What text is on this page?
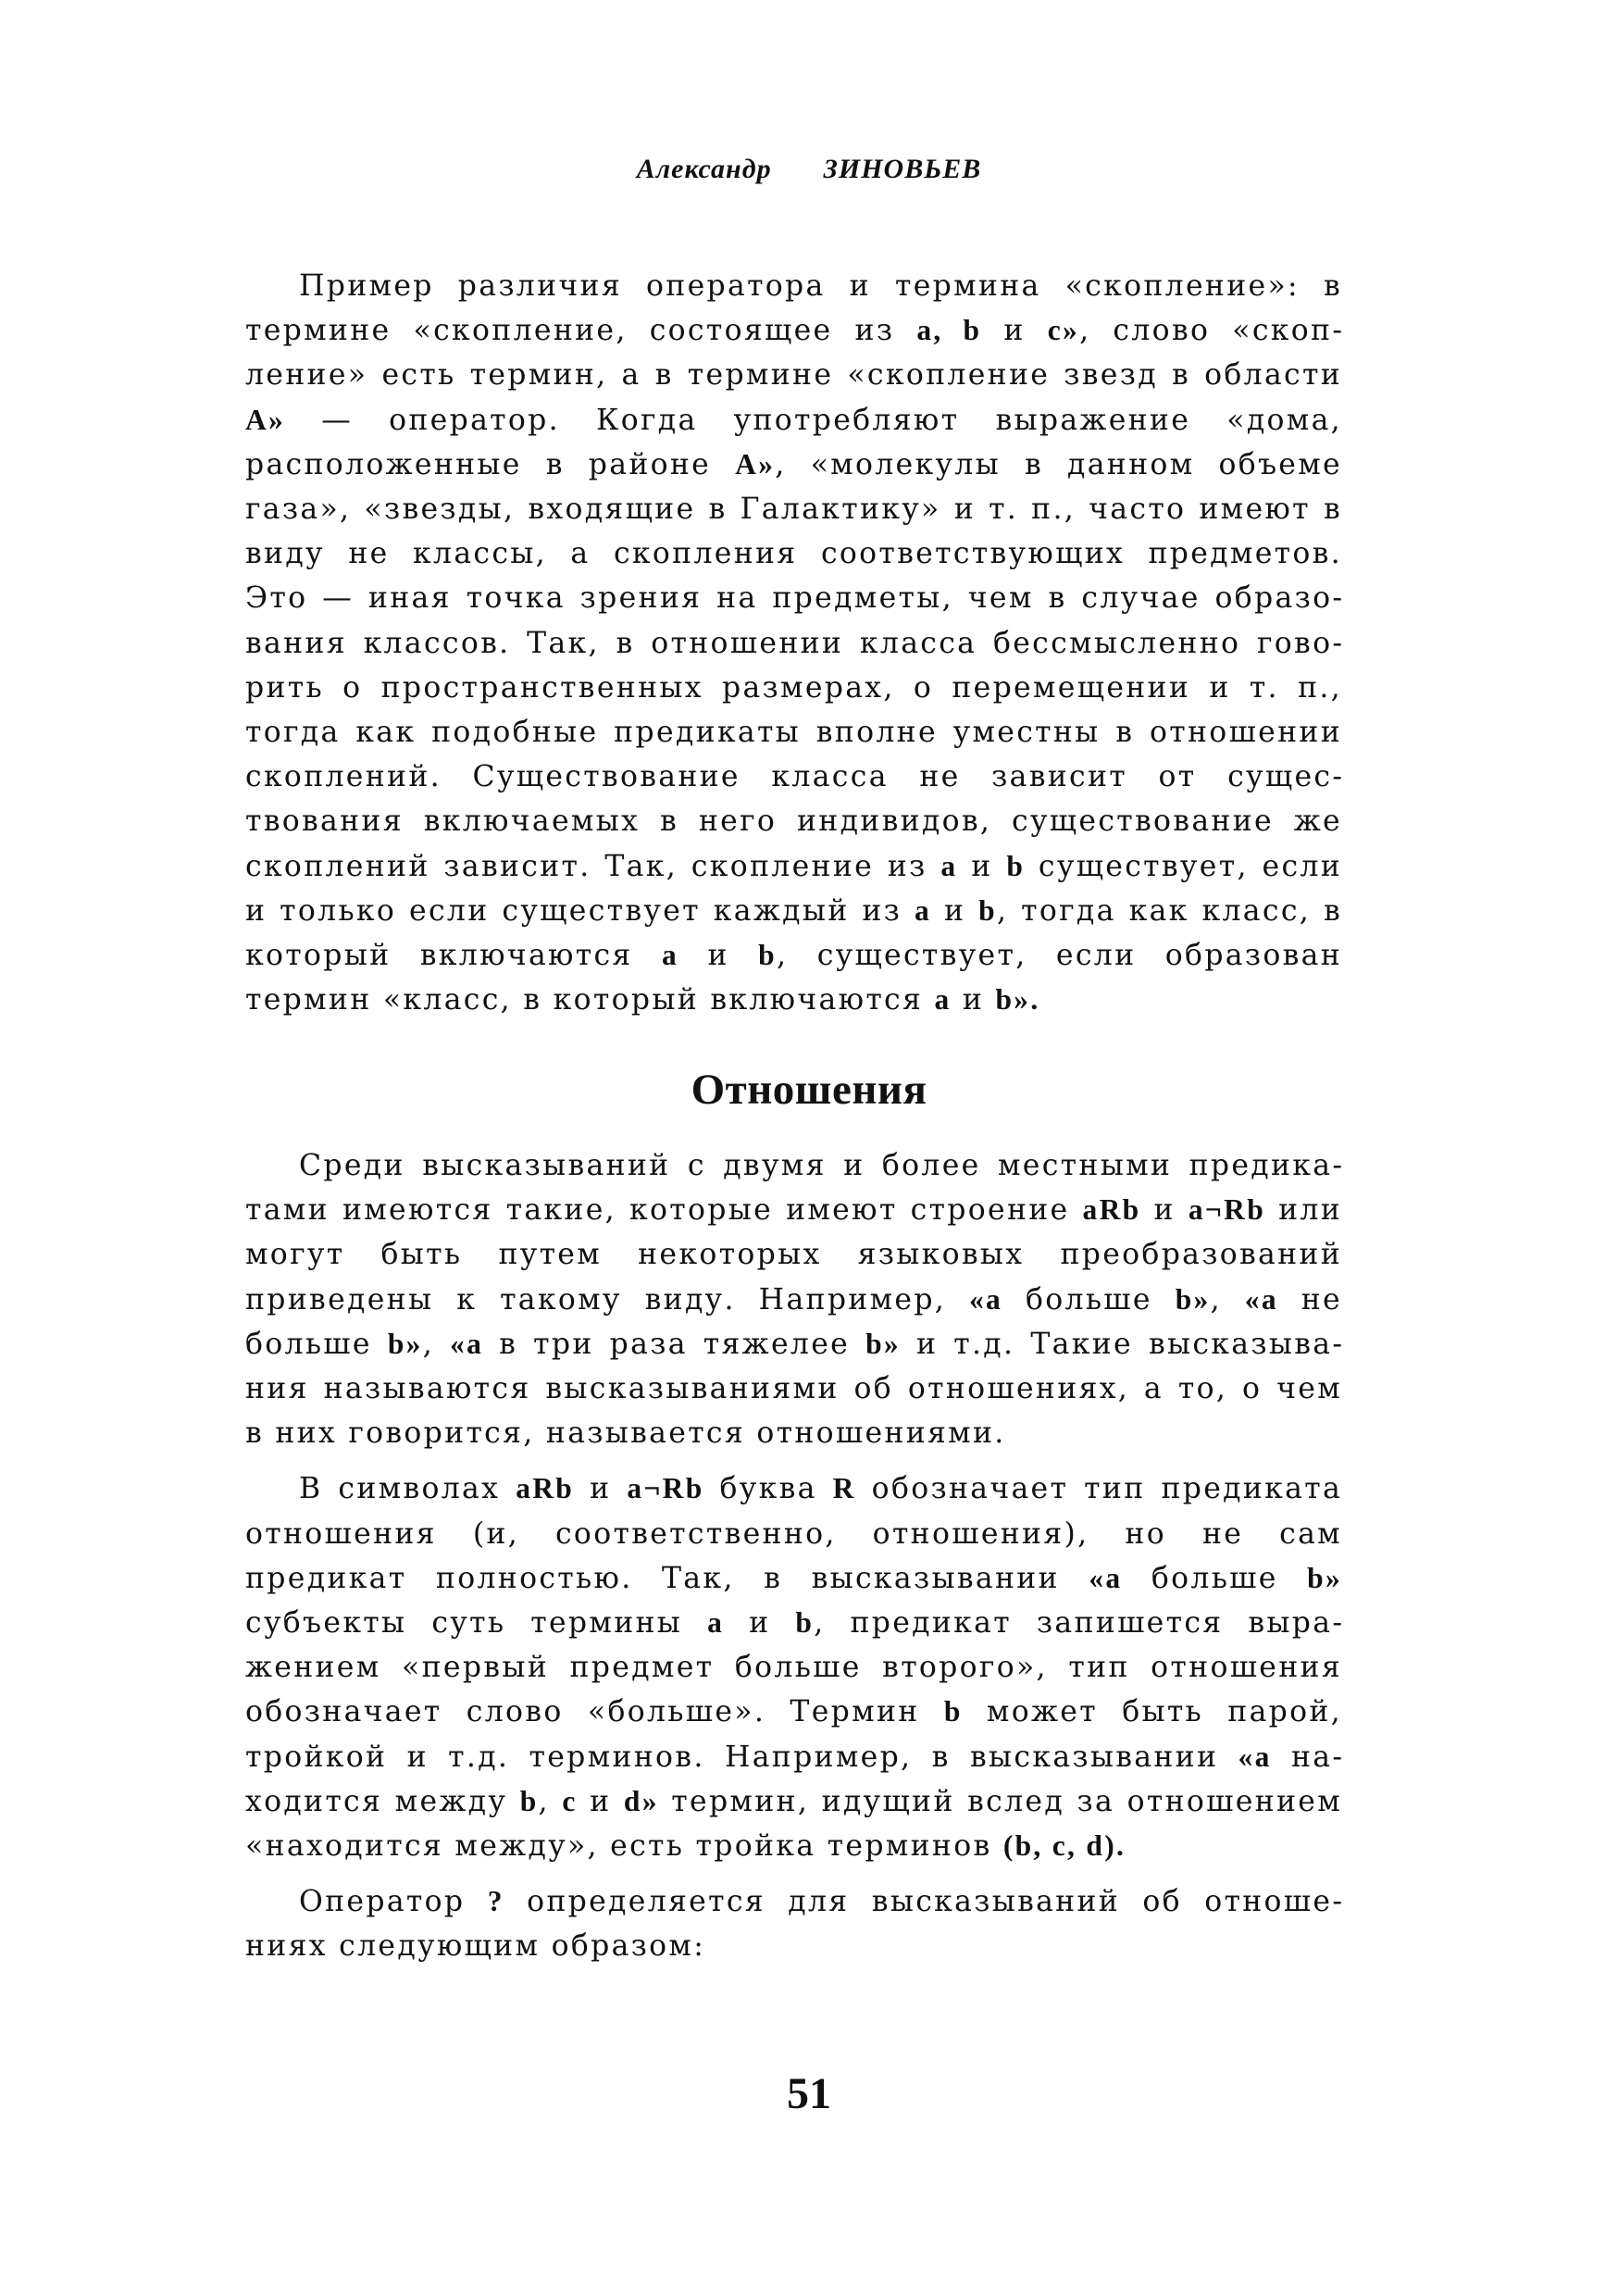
Александр ЗИНОВЬЕВ

Пример различия оператора и термина «скопление»: в термине «скопление, состоящее из a, b и c», слово «скопление» есть термин, а в термине «скопление звезд в области A» — оператор. Когда употребляют выражение «дома, расположенные в районе A», «молекулы в данном объеме газа», «звезды, входящие в Галактику» и т. п., часто имеют в виду не классы, а скопления соответствующих предметов. Это — иная точка зрения на предметы, чем в случае образования классов. Так, в отношении класса бессмысленно говорить о пространственных размерах, о перемещении и т. п., тогда как подобные предикаты вполне уместны в отношении скоплений. Существование класса не зависит от существования включаемых в него индивидов, существование же скоплений зависит. Так, скопление из a и b существует, если и только если существует каждый из a и b, тогда как класс, в который включаются a и b, существует, если образован термин «класс, в который включаются a и b».

Отношения

Среди высказываний с двумя и более местными предикатами имеются такие, которые имеют строение aRb и a¬Rb или могут быть путем некоторых языковых преобразований приведены к такому виду. Например, «a больше b», «a не больше b», «a в три раза тяжелее b» и т.д. Такие высказывания называются высказываниями об отношениях, а то, о чем в них говорится, называется отношениями.

В символах aRb и a¬Rb буква R обозначает тип предиката отношения (и, соответственно, отношения), но не сам предикат полностью. Так, в высказывании «a больше b» субъекты суть термины a и b, предикат запишется выражением «первый предмет больше второго», тип отношения обозначает слово «больше». Термин b может быть парой, тройкой и т.д. терминов. Например, в высказывании «a находится между b, c и d» термин, идущий вслед за отношением «находится между», есть тройка терминов (b, c, d).

Оператор ? определяется для высказываний об отношениях следующим образом:

51
